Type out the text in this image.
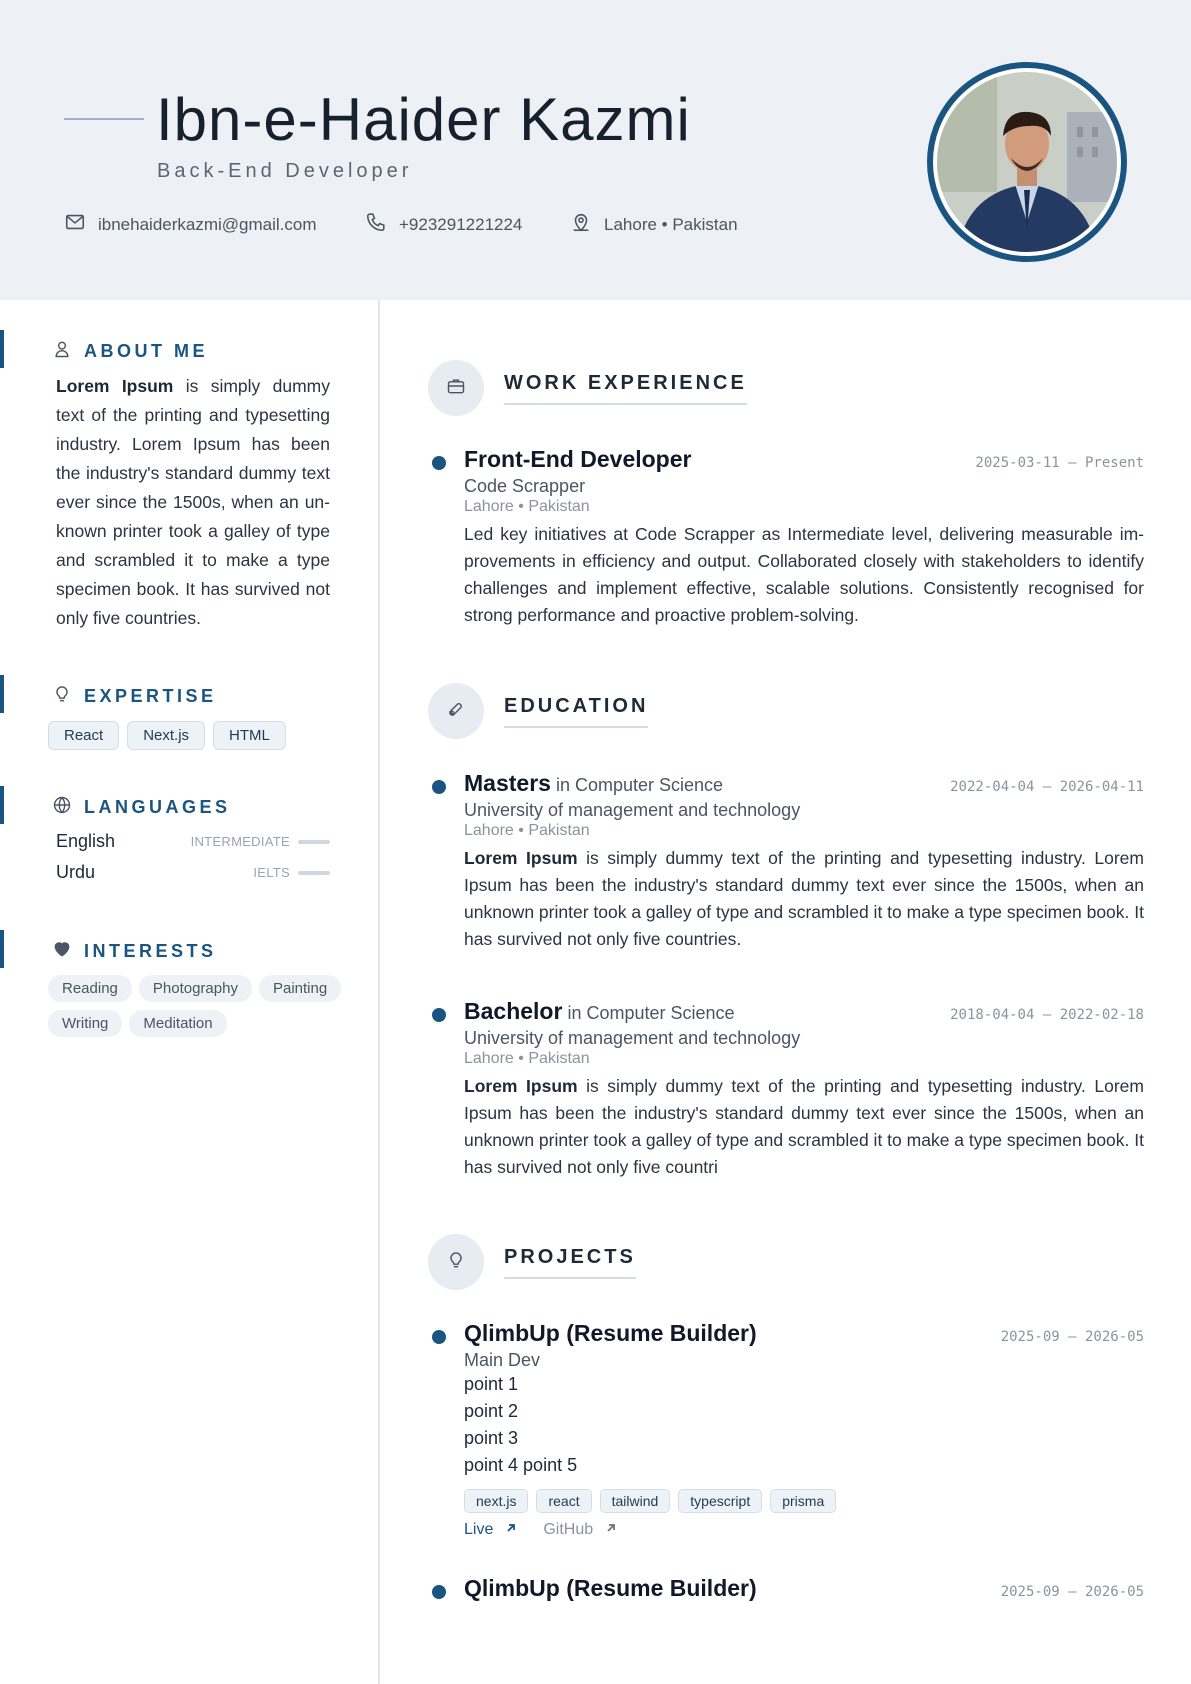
Ibn-e-Haider Kazmi
Back-End Developer
ibnehaiderkazmi@gmail.com	+923291221224	Lahore • Pakistan
ABOUT ME
Lorem Ipsum is simply dummy text of the printing and typesetting industry. Lorem Ipsum has been the industry's standard dummy text ever since the 1500s, when an unknown printer took a galley of type and scrambled it to make a type specimen book. It has survived not only five countries.
EXPERTISE
React	Next.js	HTML
LANGUAGES
English	INTERMEDIATE
Urdu	IELTS
INTERESTS
Reading	Photography	Painting
Writing	Meditation
WORK EXPERIENCE
Front-End Developer	2025-03-11 — Present
Code Scrapper
Lahore • Pakistan
Led key initiatives at Code Scrapper as Intermediate level, delivering measurable improvements in efficiency and output. Collaborated closely with stakeholders to identify challenges and implement effective, scalable solutions. Consistently recognised for strong performance and proactive problem-solving.
EDUCATION
Masters in Computer Science	2022-04-04 — 2026-04-11
University of management and technology
Lahore • Pakistan
Lorem Ipsum is simply dummy text of the printing and typesetting industry. Lorem Ipsum has been the industry's standard dummy text ever since the 1500s, when an unknown printer took a galley of type and scrambled it to make a type specimen book. It has survived not only five countries.
Bachelor in Computer Science	2018-04-04 — 2022-02-18
University of management and technology
Lahore • Pakistan
Lorem Ipsum is simply dummy text of the printing and typesetting industry. Lorem Ipsum has been the industry's standard dummy text ever since the 1500s, when an unknown printer took a galley of type and scrambled it to make a type specimen book. It has survived not only five countri
PROJECTS
QlimbUp (Resume Builder)	2025-09 — 2026-05
Main Dev
point 1
point 2
point 3
point 4 point 5
next.js	react	tailwind	typescript	prisma
Live	GitHub
QlimbUp (Resume Builder)	2025-09 — 2026-05
